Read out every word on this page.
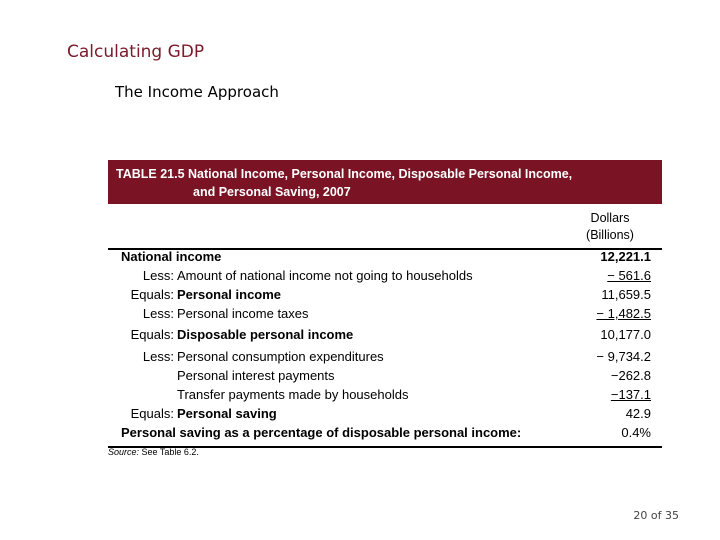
Calculating GDP
The Income Approach
TABLE 21.5 National Income, Personal Income, Disposable Personal Income,
and Personal Saving, 2007
Dollars
(Billions)
National income	12,221.1
Less: Amount of national income not going to households	− 561.6
Equals: Personal income	11,659.5
Less: Personal income taxes	− 1,482.5
Equals: Disposable personal income	10,177.0
Less: Personal consumption expenditures	− 9,734.2
Personal interest payments	−262.8
Transfer payments made by households	−137.1
Equals: Personal saving	42.9
Personal saving as a percentage of disposable personal income:	0.4%
Source: See Table 6.2.
20 of 35
